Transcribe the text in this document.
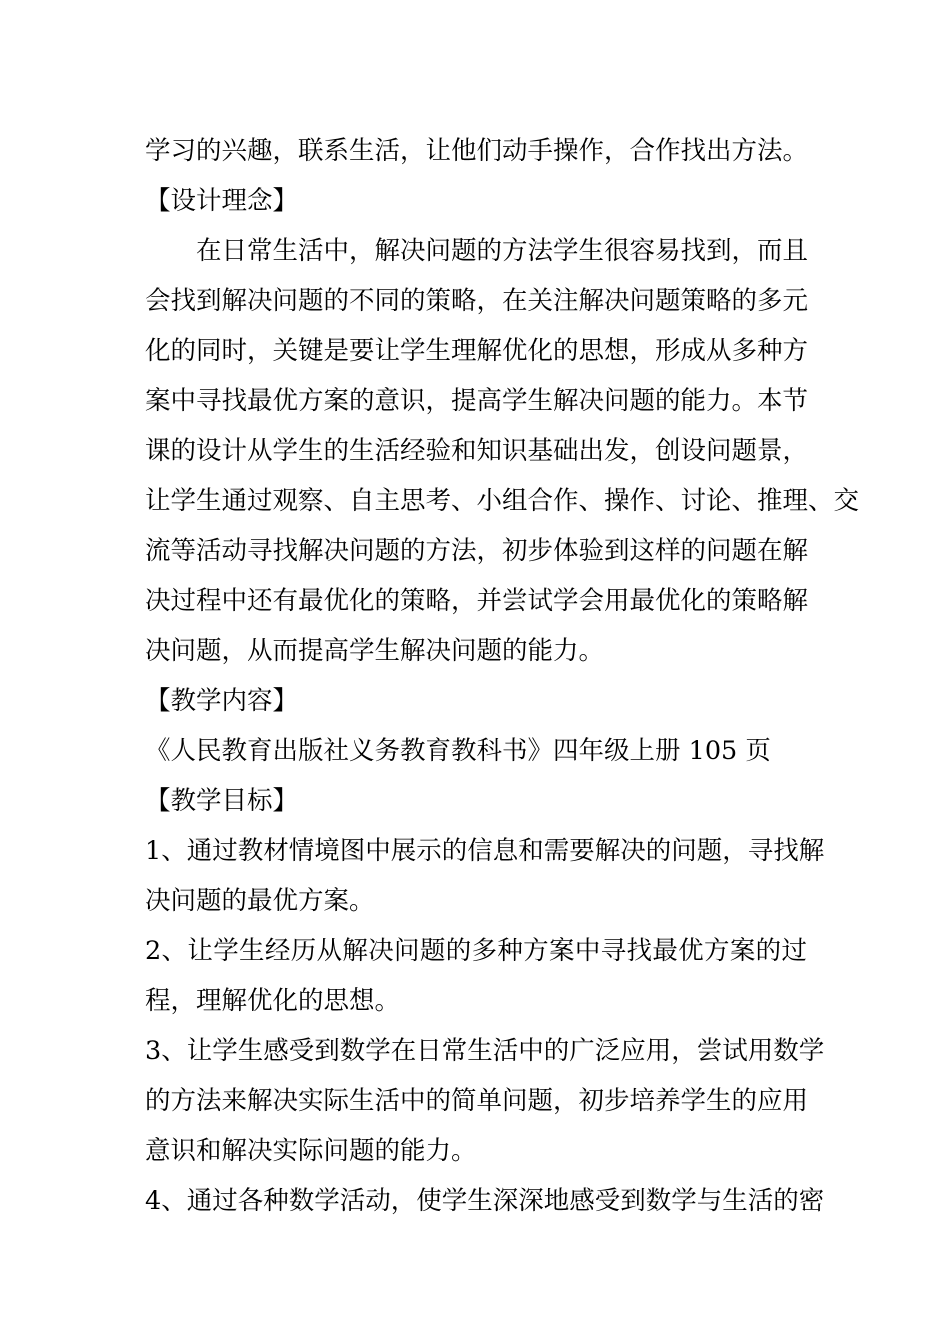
学习的兴趣，联系生活，让他们动手操作，合作找出方法。
【设计理念】
在日常生活中，解决问题的方法学生很容易找到，而且
会找到解决问题的不同的策略，在关注解决问题策略的多元
化的同时，关键是要让学生理解优化的思想，形成从多种方
案中寻找最优方案的意识，提高学生解决问题的能力。本节
课的设计从学生的生活经验和知识基础出发，创设问题景，
让学生通过观察、自主思考、小组合作、操作、讨论、推理、交
流等活动寻找解决问题的方法，初步体验到这样的问题在解
决过程中还有最优化的策略，并尝试学会用最优化的策略解
决问题，从而提高学生解决问题的能力。
【教学内容】
《人民教育出版社义务教育教科书》四年级上册 105 页
【教学目标】
1、通过教材情境图中展示的信息和需要解决的问题，寻找解
决问题的最优方案。
2、让学生经历从解决问题的多种方案中寻找最优方案的过
程，理解优化的思想。
3、让学生感受到数学在日常生活中的广泛应用，尝试用数学
的方法来解决实际生活中的简单问题，初步培养学生的应用
意识和解决实际问题的能力。
4、通过各种数学活动，使学生深深地感受到数学与生活的密
